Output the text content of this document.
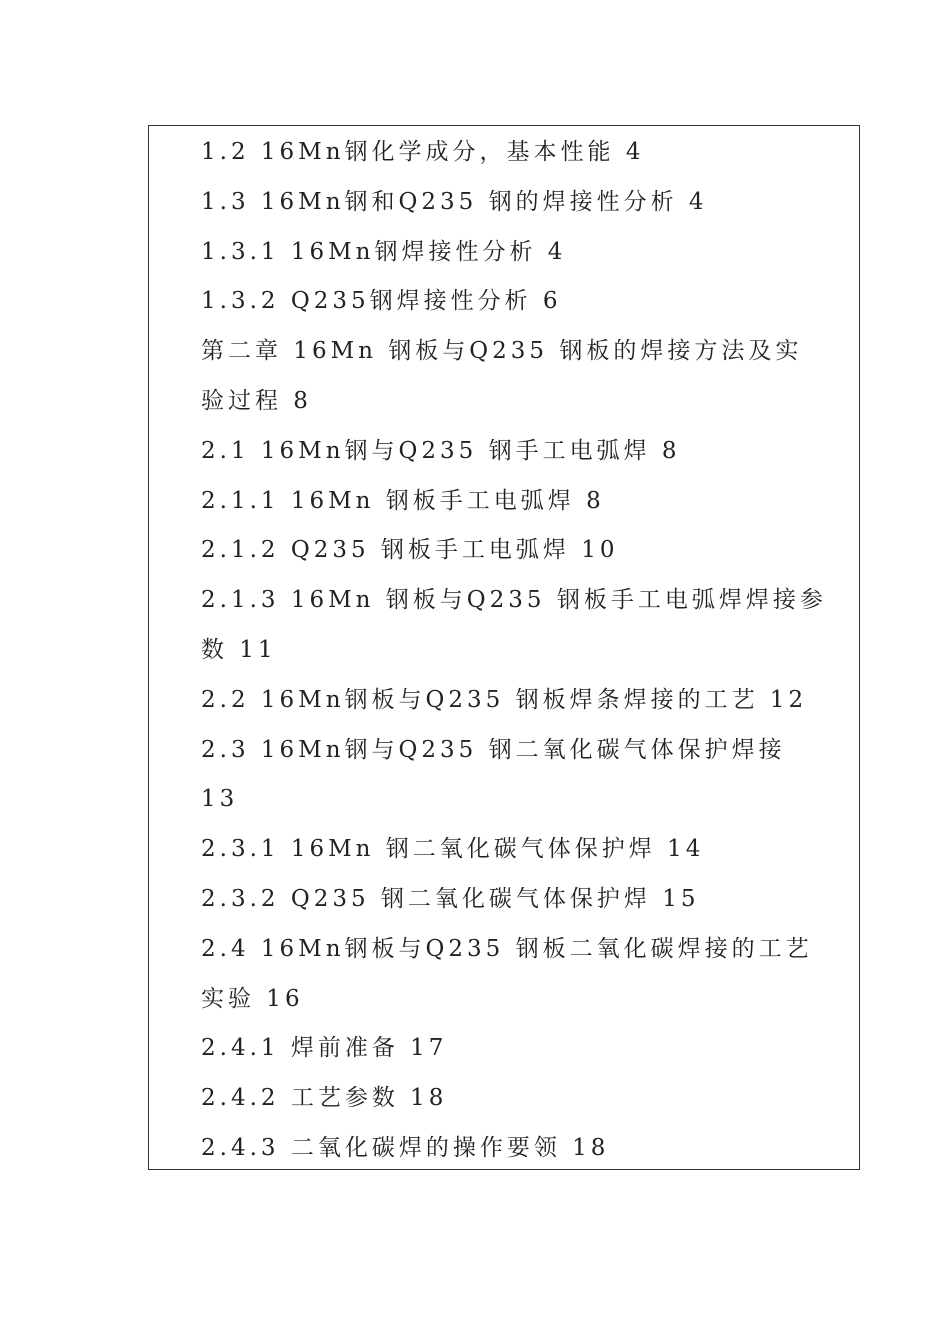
1.2 16Mn钢化学成分，基本性能 4
1.3 16Mn钢和Q235 钢的焊接性分析 4
1.3.1 16Mn钢焊接性分析 4
1.3.2 Q235钢焊接性分析 6
第二章 16Mn 钢板与Q235 钢板的焊接方法及实
验过程 8
2.1 16Mn钢与Q235 钢手工电弧焊 8
2.1.1 16Mn 钢板手工电弧焊 8
2.1.2 Q235 钢板手工电弧焊 10
2.1.3 16Mn 钢板与Q235 钢板手工电弧焊焊接参
数 11
2.2 16Mn钢板与Q235 钢板焊条焊接的工艺 12
2.3 16Mn钢与Q235 钢二氧化碳气体保护焊接
13
2.3.1 16Mn 钢二氧化碳气体保护焊 14
2.3.2 Q235 钢二氧化碳气体保护焊 15
2.4 16Mn钢板与Q235 钢板二氧化碳焊接的工艺
实验 16
2.4.1 焊前准备 17
2.4.2 工艺参数 18
2.4.3 二氧化碳焊的操作要领 18
